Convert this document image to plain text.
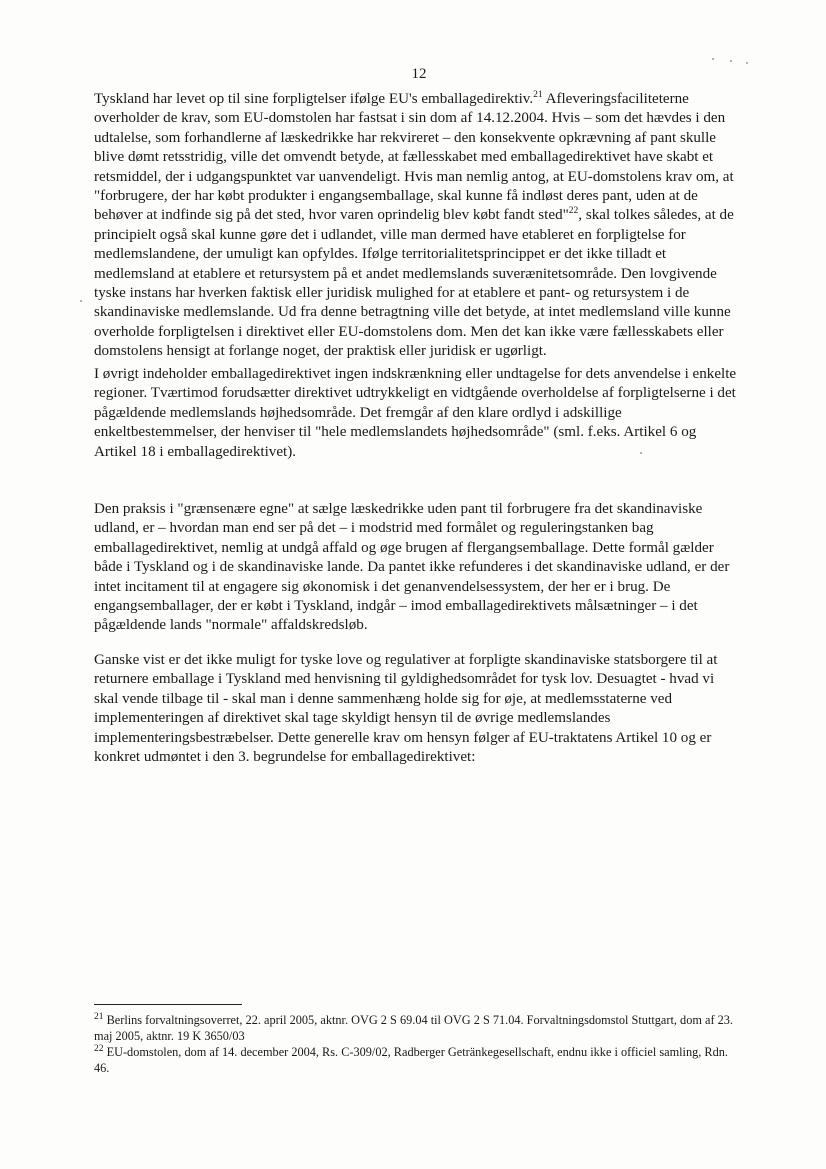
12

Tyskland har levet op til sine forpligtelser ifølge EU's emballagedirektiv.$^{21}$ Afleveringsfaciliteterne overholder de krav, som EU-domstolen har fastsat i sin dom af 14.12.2004. Hvis – som det hævdes i den udtalelse, som forhandlerne af læskedrikke har rekvireret – den konsekvente opkrævning af pant skulle blive dømt retsstridig, ville det omvendt betyde, at fællesskabet med emballagedirektivet have skabt et retsmiddel, der i udgangspunktet var uanvendeligt. Hvis man nemlig antog, at EU-domstolens krav om, at "forbrugere, der har købt produkter i engangsemballage, skal kunne få indløst deres pant, uden at de behøver at indfinde sig på det sted, hvor varen oprindelig blev købt fandt sted"$^{22}$, skal tolkes således, at de principielt også skal kunne gøre det i udlandet, ville man dermed have etableret en forpligtelse for medlemslandene, der umuligt kan opfyldes. Ifølge territorialitetsprincippet er det ikke tilladt et medlemsland at etablere et retursystem på et andet medlemslands suverænitetsområde. Den lovgivende tyske instans har hverken faktisk eller juridisk mulighed for at etablere et pant- og retursystem i de skandinaviske medlemslande. Ud fra denne betragtning ville det betyde, at intet medlemsland ville kunne overholde forpligtelsen i direktivet eller EU-domstolens dom. Men det kan ikke være fællesskabets eller domstolens hensigt at forlange noget, der praktisk eller juridisk er ugørligt.

I øvrigt indeholder emballagedirektivet ingen indskrænkning eller undtagelse for dets anvendelse i enkelte regioner. Tværtimod forudsætter direktivet udtrykkeligt en vidtgående overholdelse af forpligtelserne i det pågældende medlemslands højhedsområde. Det fremgår af den klare ordlyd i adskillige enkeltbestemmelser, der henviser til "hele medlemslandets højhedsområde" (sml. f.eks. Artikel 6 og Artikel 18 i emballagedirektivet).

Den praksis i "grænsenære egne" at sælge læskedrikke uden pant til forbrugere fra det skandinaviske udland, er – hvordan man end ser på det – i modstrid med formålet og reguleringstanken bag emballagedirektivet, nemlig at undgå affald og øge brugen af flergangsemballage. Dette formål gælder både i Tyskland og i de skandinaviske lande. Da pantet ikke refunderes i det skandinaviske udland, er der intet incitament til at engagere sig økonomisk i det genanvendelsessystem, der her er i brug. De engangsemballager, der er købt i Tyskland, indgår – imod emballagedirektivets målsætninger – i det pågældende lands "normale" affaldskredsløb.

Ganske vist er det ikke muligt for tyske love og regulativer at forpligte skandinaviske statsborgere til at returnere emballage i Tyskland med henvisning til gyldighedsområdet for tysk lov. Desuagtet - hvad vi skal vende tilbage til - skal man i denne sammenhæng holde sig for øje, at medlemsstaterne ved implementeringen af direktivet skal tage skyldigt hensyn til de øvrige medlemslandes implementeringsbestræbelser. Dette generelle krav om hensyn følger af EU-traktatens Artikel 10 og er konkret udmøntet i den 3. begrundelse for emballagedirektivet:

$^{21}$ Berlins forvaltningsoverret, 22. april 2005, aktnr. OVG 2 S 69.04 til OVG 2 S 71.04. Forvaltningsdomstol Stuttgart, dom af 23. maj 2005, aktnr. 19 K 3650/03

$^{22}$ EU-domstolen, dom af 14. december 2004, Rs. C-309/02, Radberger Getränkegesellschaft, endnu ikke i officiel samling, Rdn. 46.
